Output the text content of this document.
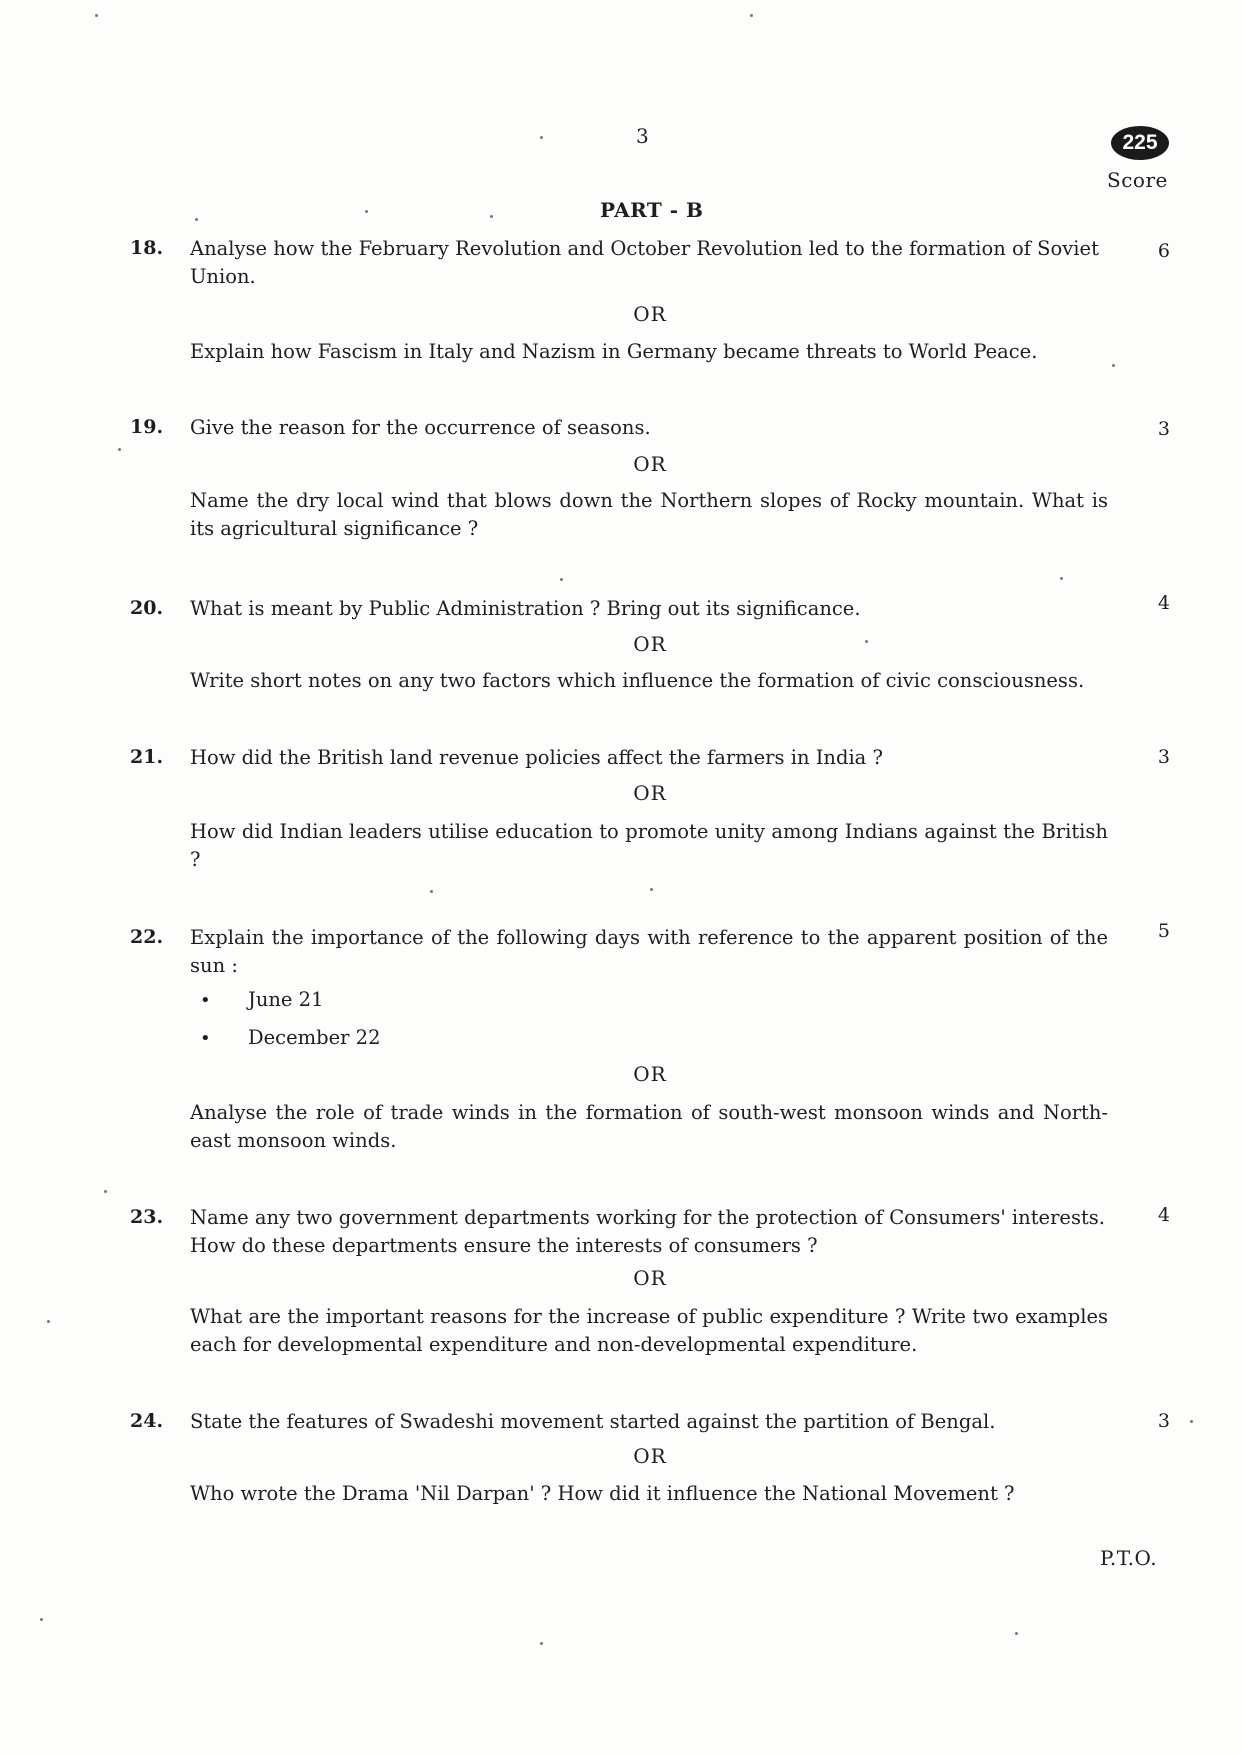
3	225
Score
PART - B
18.	Analyse how the February Revolution and October Revolution led to the formation of Soviet Union.
6
OR
Explain how Fascism in Italy and Nazism in Germany became threats to World Peace.
19.	Give the reason for the occurrence of seasons.	3
OR
Name the dry local wind that blows down the Northern slopes of Rocky mountain. What is its agricultural significance ?
20.	What is meant by Public Administration ? Bring out its significance.	4
OR
Write short notes on any two factors which influence the formation of civic consciousness.
21.	How did the British land revenue policies affect the farmers in India ?	3
OR
How did Indian leaders utilise education to promote unity among Indians against the British ?
22.	Explain the importance of the following days with reference to the apparent position of the sun :
5
• June 21
• December 22
OR
Analyse the role of trade winds in the formation of south-west monsoon winds and North-east monsoon winds.
23.	Name any two government departments working for the protection of Consumers' interests. How do these departments ensure the interests of consumers ?
4
OR
What are the important reasons for the increase of public expenditure ? Write two examples each for developmental expenditure and non-developmental expenditure.
24.	State the features of Swadeshi movement started against the partition of Bengal.	3
OR
Who wrote the Drama 'Nil Darpan' ? How did it influence the National Movement ?
P.T.O.
